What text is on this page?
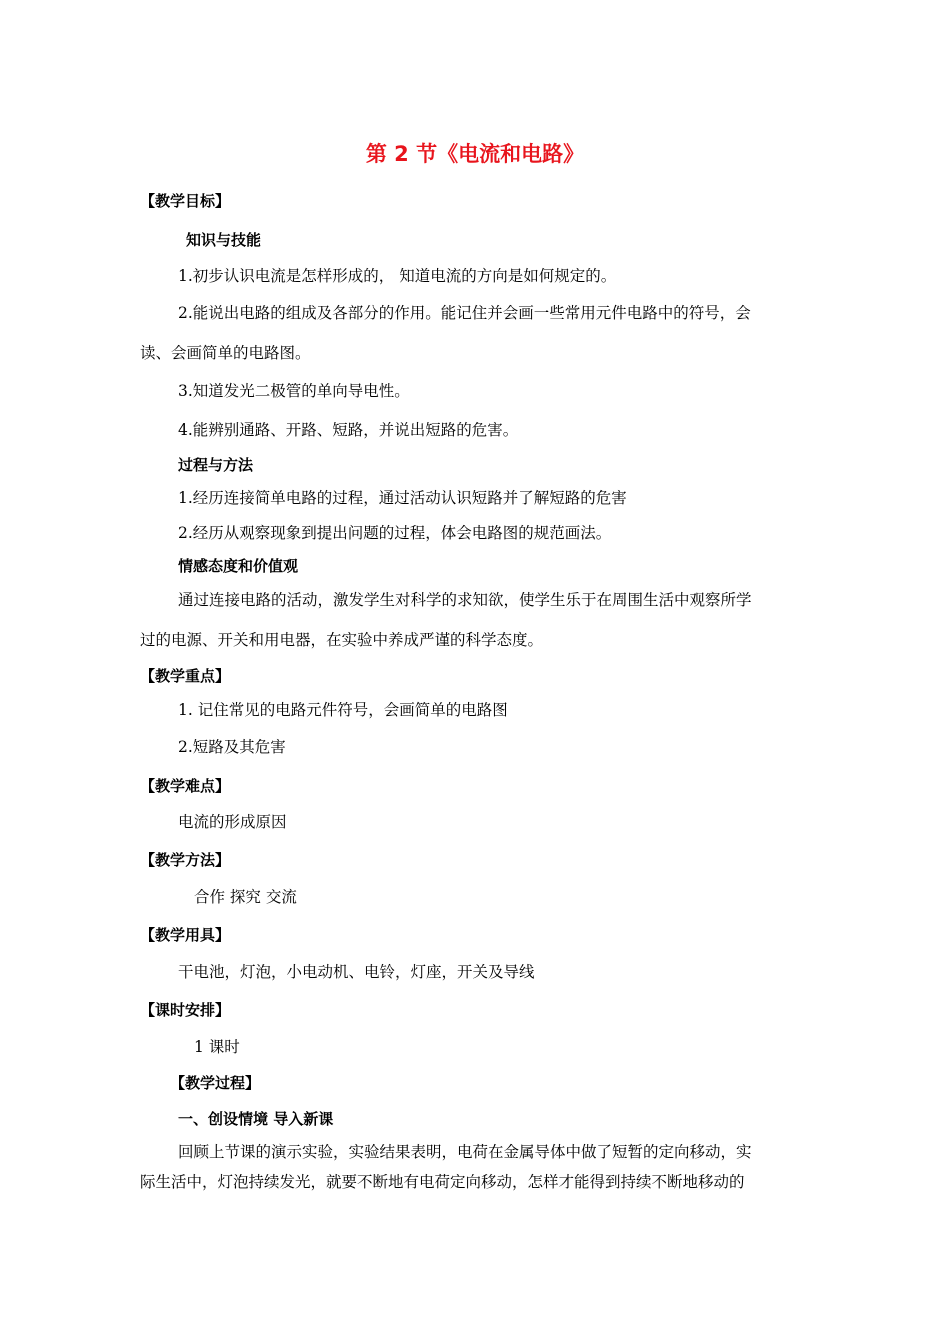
第 2 节《电流和电路》
【教学目标】
知识与技能
1.初步认识电流是怎样形成的， 知道电流的方向是如何规定的。
2.能说出电路的组成及各部分的作用。能记住并会画一些常用元件电路中的符号，会
读、会画简单的电路图。
3.知道发光二极管的单向导电性。
4.能辨别通路、开路、短路，并说出短路的危害。
过程与方法
1.经历连接简单电路的过程，通过活动认识短路并了解短路的危害
2.经历从观察现象到提出问题的过程，体会电路图的规范画法。
情感态度和价值观
通过连接电路的活动，激发学生对科学的求知欲，使学生乐于在周围生活中观察所学
过的电源、开关和用电器，在实验中养成严谨的科学态度。
【教学重点】
1. 记住常见的电路元件符号，会画简单的电路图
2.短路及其危害
【教学难点】
电流的形成原因
【教学方法】
合作 探究 交流
【教学用具】
干电池，灯泡，小电动机、电铃，灯座，开关及导线
【课时安排】
1 课时
【教学过程】
一、创设情境 导入新课
回顾上节课的演示实验，实验结果表明，电荷在金属导体中做了短暂的定向移动，实
际生活中，灯泡持续发光，就要不断地有电荷定向移动，怎样才能得到持续不断地移动的
